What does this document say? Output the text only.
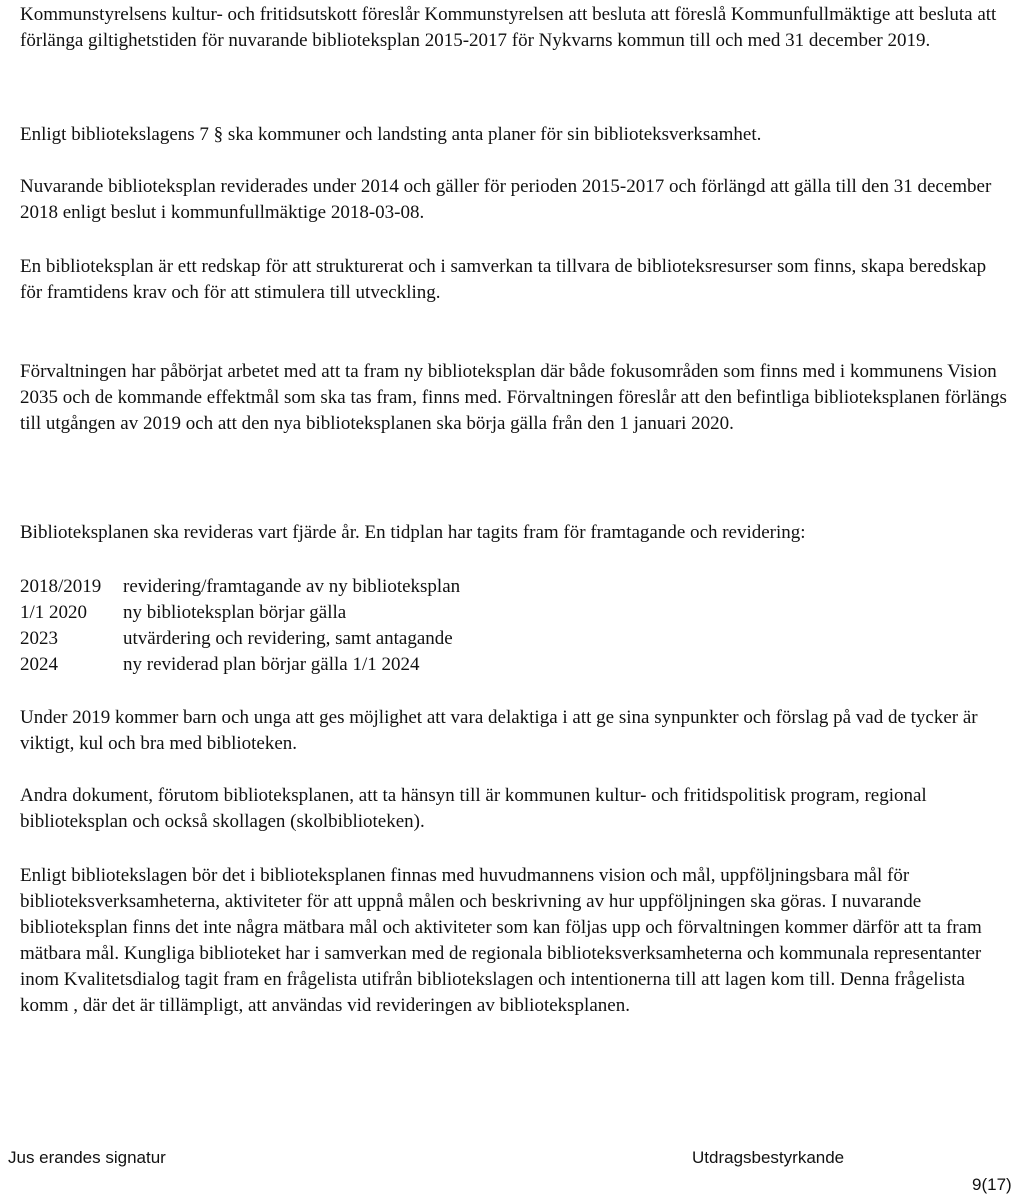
Kommunstyrelsens kultur- och fritidsutskott föreslår Kommunstyrelsen att besluta att föreslå Kommunfullmäktige att besluta att förlänga giltighetstiden för nuvarande biblioteksplan 2015-2017 för Nykvarns kommun till och med 31 december 2019.

Enligt bibliotekslagens 7 § ska kommuner och landsting anta planer för sin biblioteksverksamhet.

Nuvarande biblioteksplan reviderades under 2014 och gäller för perioden 2015-2017 och förlängd att gälla till den 31 december 2018 enligt beslut i kommunfullmäktige 2018-03-08.

En biblioteksplan är ett redskap för att strukturerat och i samverkan ta tillvara de biblioteksresurser som finns, skapa beredskap för framtidens krav och för att stimulera till utveckling.

Förvaltningen har påbörjat arbetet med att ta fram ny biblioteksplan där både fokusområden som finns med i kommunens Vision 2035 och de kommande effektmål som ska tas fram, finns med. Förvaltningen föreslår att den befintliga biblioteksplanen förlängs till utgången av 2019 och att den nya biblioteksplanen ska börja gälla från den 1 januari 2020.

Biblioteksplanen ska revideras vart fjärde år. En tidplan har tagits fram för framtagande och revidering:

2018/2019	revidering/framtagande av ny biblioteksplan
1/1 2020	ny biblioteksplan börjar gälla
2023	utvärdering och revidering, samt antagande
2024	ny reviderad plan börjar gälla 1/1 2024

Under 2019 kommer barn och unga att ges möjlighet att vara delaktiga i att ge sina synpunkter och förslag på vad de tycker är viktigt, kul och bra med biblioteken.

Andra dokument, förutom biblioteksplanen, att ta hänsyn till är kommunen kultur- och fritidspolitisk program, regional biblioteksplan och också skollagen (skolbiblioteken).

Enligt bibliotekslagen bör det i biblioteksplanen finnas med huvudmannens vision och mål, uppföljningsbara mål för biblioteksverksamheterna, aktiviteter för att uppnå målen och beskrivning av hur uppföljningen ska göras. I nuvarande biblioteksplan finns det inte några mätbara mål och aktiviteter som kan följas upp och förvaltningen kommer därför att ta fram mätbara mål. Kungliga biblioteket har i samverkan med de regionala biblioteksverksamheterna och kommunala representanter inom Kvalitetsdialog tagit fram en frågelista utifrån bibliotekslagen och intentionerna till att lagen kom till. Denna frågelista komm , där det är tillämpligt, att användas vid revideringen av biblioteksplanen.

Jus erandes signatur	Utdragsbestyrkande
9(17)
